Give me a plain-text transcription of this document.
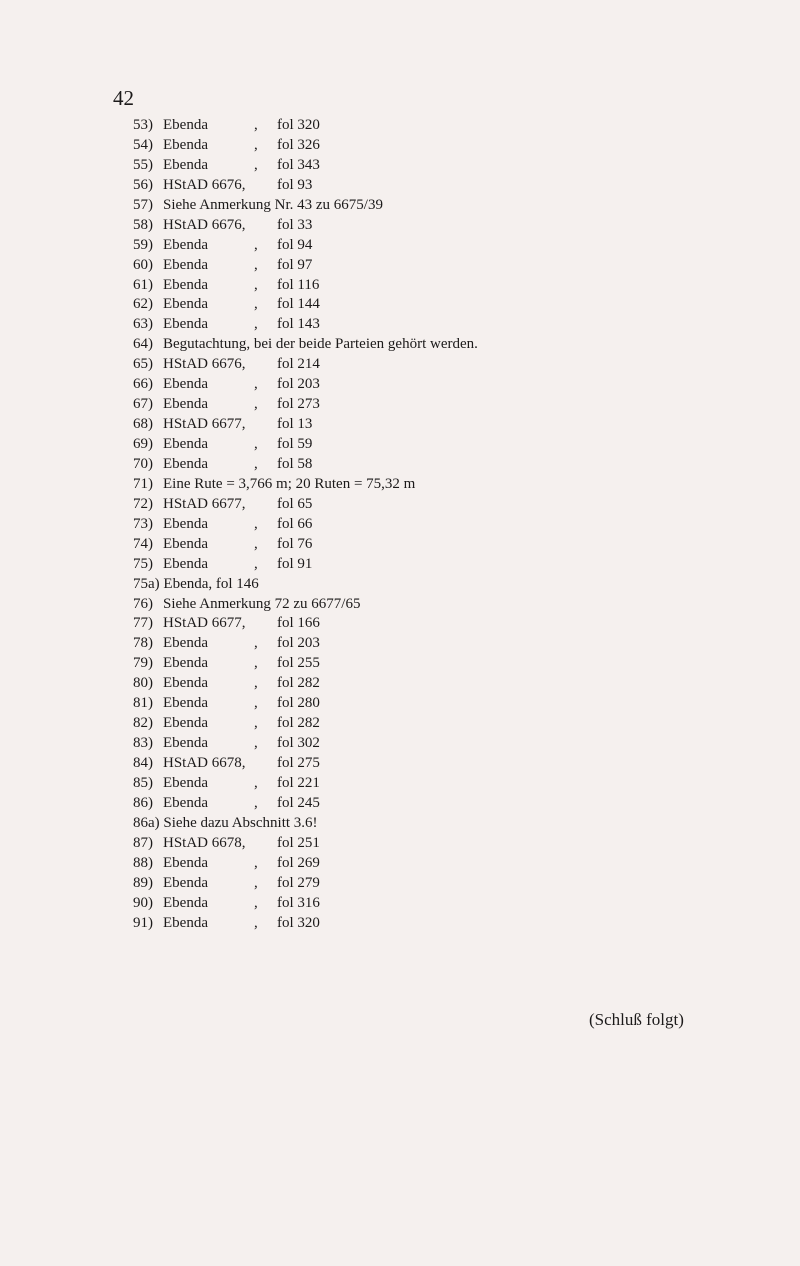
42
53) Ebenda	, fol 320
54) Ebenda	, fol 326
55) Ebenda	, fol 343
56) HStAD 6676, fol 93
57) Siehe Anmerkung Nr. 43 zu 6675/39
58) HStAD 6676, fol 33
59) Ebenda	, fol 94
60) Ebenda	, fol 97
61) Ebenda	, fol 116
62) Ebenda	, fol 144
63) Ebenda	, fol 143
64) Begutachtung, bei der beide Parteien gehört werden.
65) HStAD 6676, fol 214
66) Ebenda	, fol 203
67) Ebenda	, fol 273
68) HStAD 6677, fol 13
69) Ebenda	, fol 59
70) Ebenda	, fol 58
71) Eine Rute = 3,766 m; 20 Ruten = 75,32 m
72) HStAD 6677, fol 65
73) Ebenda	, fol 66
74) Ebenda	, fol 76
75) Ebenda	, fol 91
75a) Ebenda, fol 146
76) Siehe Anmerkung 72 zu 6677/65
77) HStAD 6677, fol 166
78) Ebenda	, fol 203
79) Ebenda	, fol 255
80) Ebenda	, fol 282
81) Ebenda	, fol 280
82) Ebenda	, fol 282
83) Ebenda	, fol 302
84) HStAD 6678, fol 275
85) Ebenda	, fol 221
86) Ebenda	, fol 245
86a) Siehe dazu Abschnitt 3.6!
87) HStAD 6678, fol 251
88) Ebenda	, fol 269
89) Ebenda	, fol 279
90) Ebenda	, fol 316
91) Ebenda	, fol 320
(Schluß folgt)
